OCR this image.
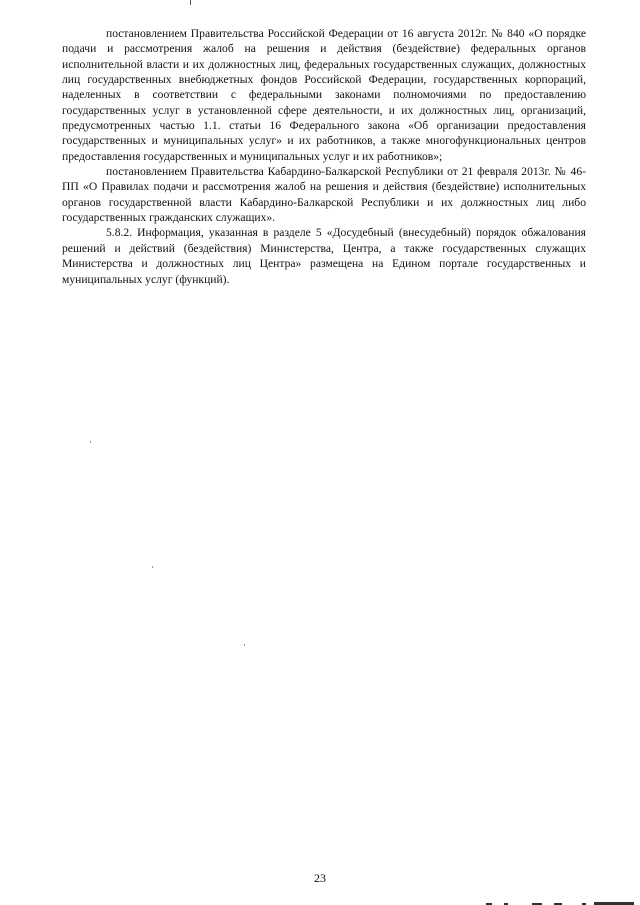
постановлением Правительства Российской Федерации от 16 августа 2012г. № 840 «О порядке подачи и рассмотрения жалоб на решения и действия (бездействие) федеральных органов исполнительной власти и их должностных лиц, федеральных государственных служащих, должностных лиц государственных внебюджетных фондов Российской Федерации, государственных корпораций, наделенных в соответствии с федеральными законами полномочиями по предоставлению государственных услуг в установленной сфере деятельности, и их должностных лиц, организаций, предусмотренных частью 1.1. статьи 16 Федерального закона «Об организации предоставления государственных и муниципальных услуг» и их работников, а также многофункциональных центров предоставления государственных и муниципальных услуг и их работников»;

постановлением Правительства Кабардино-Балкарской Республики от 21 февраля 2013г. № 46-ПП «О Правилах подачи и рассмотрения жалоб на решения и действия (бездействие) исполнительных органов государственной власти Кабардино-Балкарской Республики и их должностных лиц либо государственных гражданских служащих».

5.8.2. Информация, указанная в разделе 5 «Досудебный (внесудебный) порядок обжалования решений и действий (бездействия) Министерства, Центра, а также государственных служащих Министерства и должностных лиц Центра» размещена на Едином портале государственных и муниципальных услуг (функций).

23
